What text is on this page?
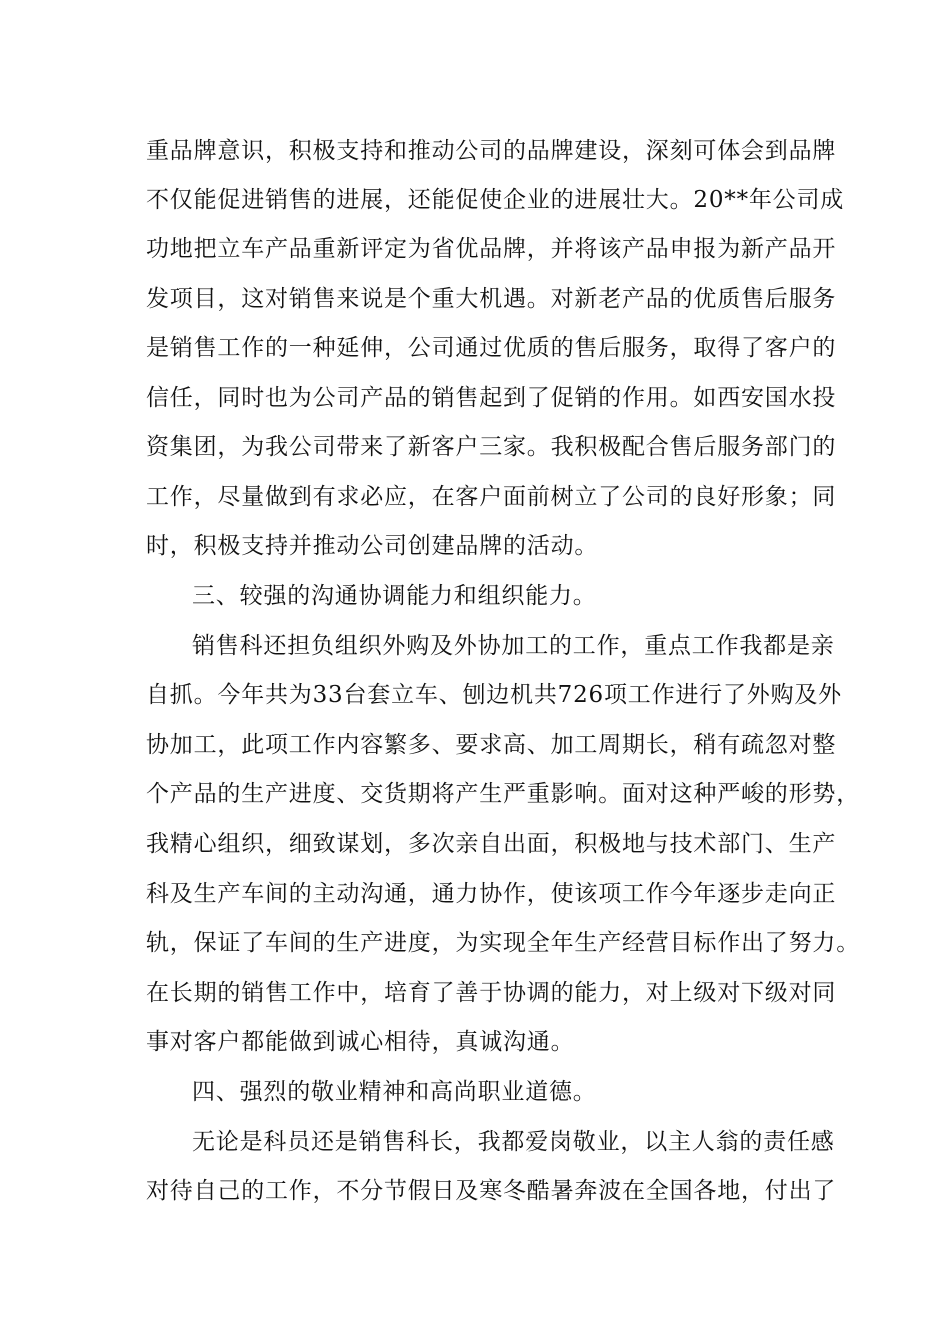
重品牌意识，积极支持和推动公司的品牌建设，深刻可体会到品牌
不仅能促进销售的进展，还能促使企业的进展壮大。20**年公司成
功地把立车产品重新评定为省优品牌，并将该产品申报为新产品开
发项目，这对销售来说是个重大机遇。对新老产品的优质售后服务
是销售工作的一种延伸，公司通过优质的售后服务，取得了客户的
信任，同时也为公司产品的销售起到了促销的作用。如西安国水投
资集团，为我公司带来了新客户三家。我积极配合售后服务部门的
工作，尽量做到有求必应，在客户面前树立了公司的良好形象；同
时，积极支持并推动公司创建品牌的活动。
三、较强的沟通协调能力和组织能力。
销售科还担负组织外购及外协加工的工作，重点工作我都是亲
自抓。今年共为33台套立车、刨边机共726项工作进行了外购及外
协加工，此项工作内容繁多、要求高、加工周期长，稍有疏忽对整
个产品的生产进度、交货期将产生严重影响。面对这种严峻的形势，
我精心组织，细致谋划，多次亲自出面，积极地与技术部门、生产
科及生产车间的主动沟通，通力协作，使该项工作今年逐步走向正
轨，保证了车间的生产进度，为实现全年生产经营目标作出了努力。
在长期的销售工作中，培育了善于协调的能力，对上级对下级对同
事对客户都能做到诚心相待，真诚沟通。
四、强烈的敬业精神和高尚职业道德。
无论是科员还是销售科长，我都爱岗敬业，以主人翁的责任感
对待自己的工作，不分节假日及寒冬酷暑奔波在全国各地，付出了
